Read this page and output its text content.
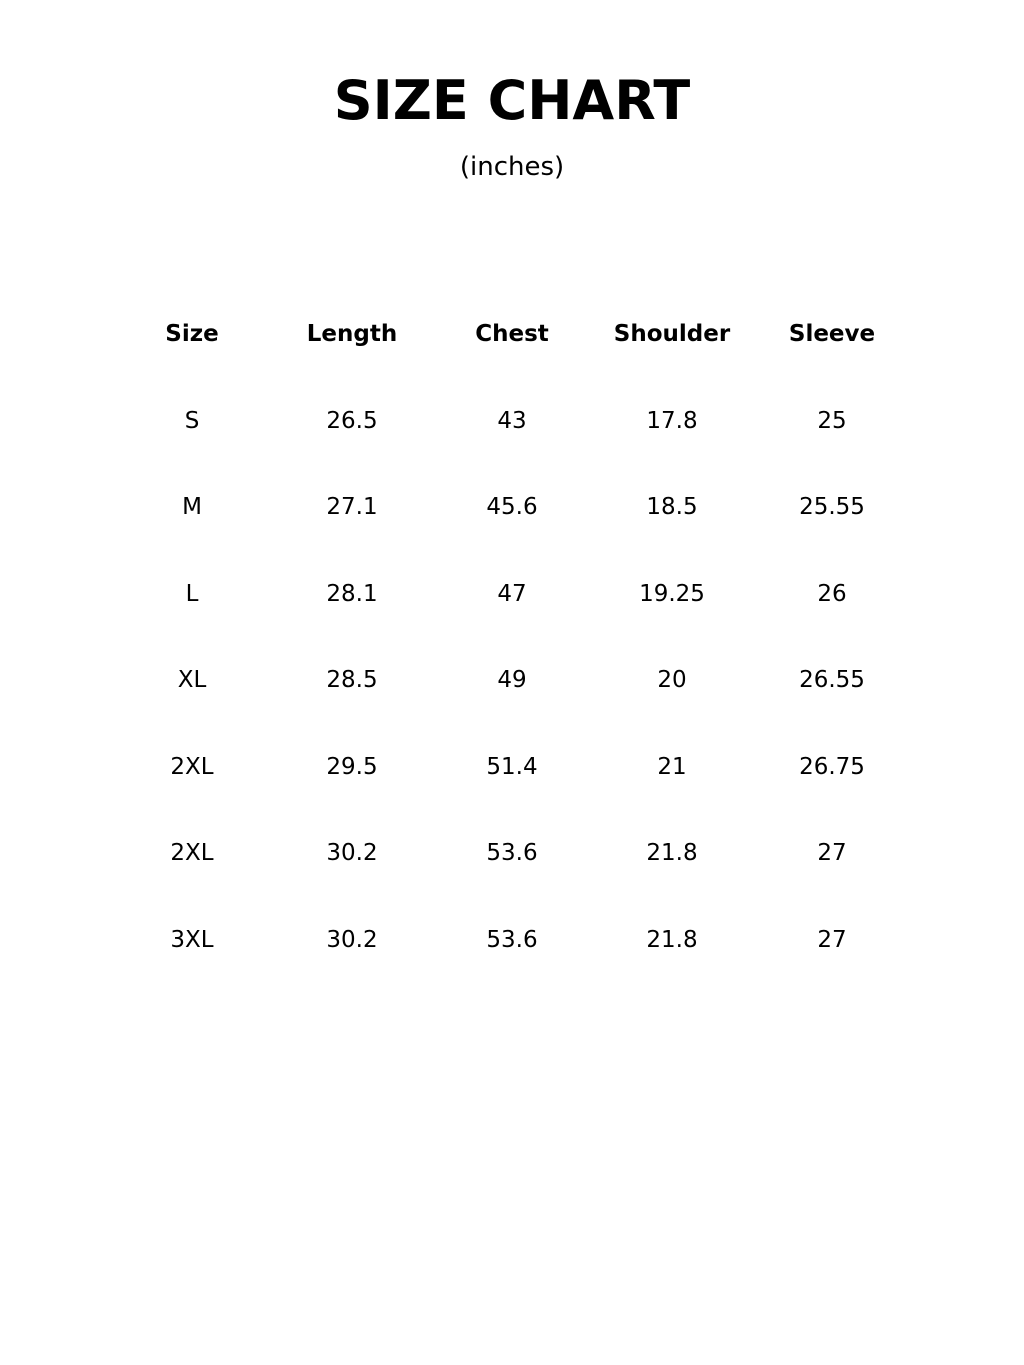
SIZE CHART
(inches)
Size	Length	Chest	Shoulder	Sleeve
S	26.5	43	17.8	25
M	27.1	45.6	18.5	25.55
L	28.1	47	19.25	26
XL	28.5	49	20	26.55
2XL	29.5	51.4	21	26.75
2XL	30.2	53.6	21.8	27
3XL	30.2	53.6	21.8	27
